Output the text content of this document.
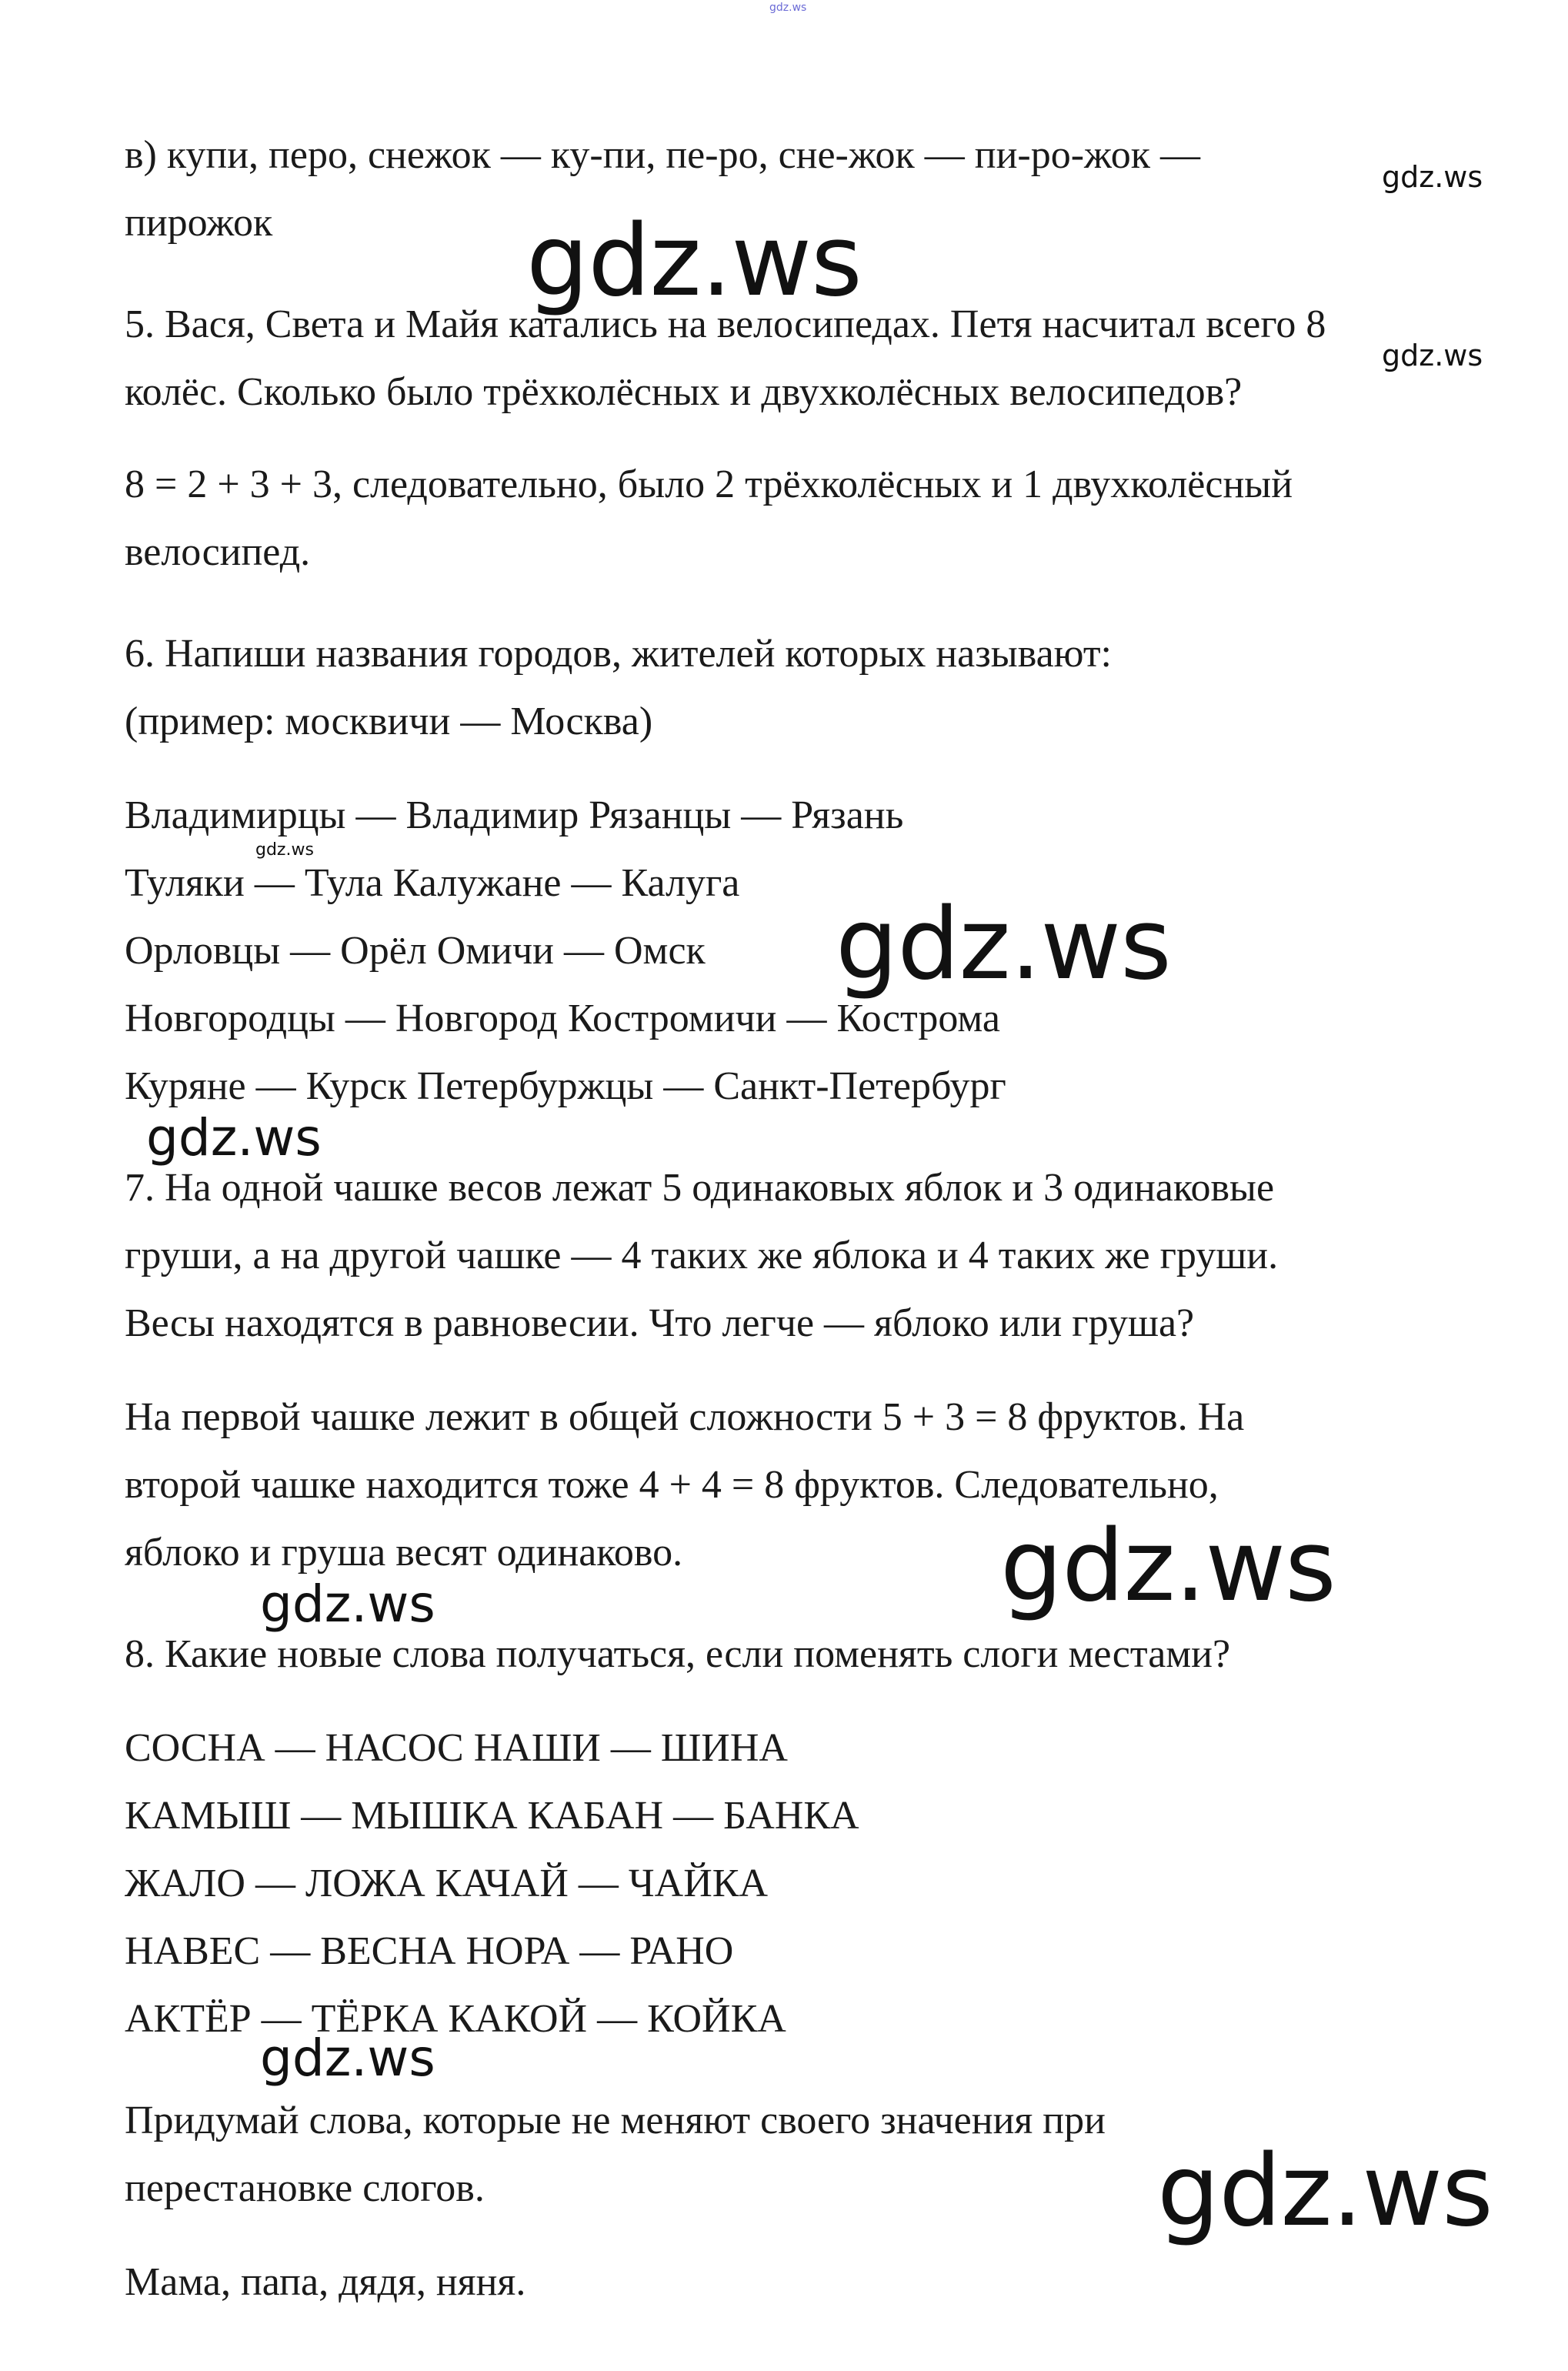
в) купи, перо, снежок — ку-пи, пе-ро, сне-жок — пи-ро-жок —
пирожок
5. Вася, Света и Майя катались на велосипедах. Петя насчитал всего 8
колёс. Сколько было трёхколёсных и двухколёсных велосипедов?
8 = 2 + 3 + 3, следовательно, было 2 трёхколёсных и 1 двухколёсный
велосипед.
6. Напиши названия городов, жителей которых называют:
(пример: москвичи — Москва)
Владимирцы — Владимир Рязанцы — Рязань
Туляки — Тула Калужане — Калуга
Орловцы — Орёл Омичи — Омск
Новгородцы — Новгород Костромичи — Кострома
Куряне — Курск Петербуржцы — Санкт-Петербург
7. На одной чашке весов лежат 5 одинаковых яблок и 3 одинаковые
груши, а на другой чашке — 4 таких же яблока и 4 таких же груши.
Весы находятся в равновесии. Что легче — яблоко или груша?
На первой чашке лежит в общей сложности 5 + 3 = 8 фруктов. На
второй чашке находится тоже 4 + 4 = 8 фруктов. Следовательно,
яблоко и груша весят одинаково.
8. Какие новые слова получаться, если поменять слоги местами?
СОСНА — НАСОС НАШИ — ШИНА
КАМЫШ — МЫШКА КАБАН — БАНКА
ЖАЛО — ЛОЖА КАЧАЙ — ЧАЙКА
НАВЕС — ВЕСНА НОРА — РАНО
АКТЁР — ТЁРКА КАКОЙ — КОЙКА
Придумай слова, которые не меняют своего значения при
перестановке слогов.
Мама, папа, дядя, няня.
gdz.ws
gdz.ws
gdz.ws
gdz.ws
gdz.ws
gdz.ws
gdz.ws
gdz.ws
gdz.ws
gdz.ws
gdz.ws
